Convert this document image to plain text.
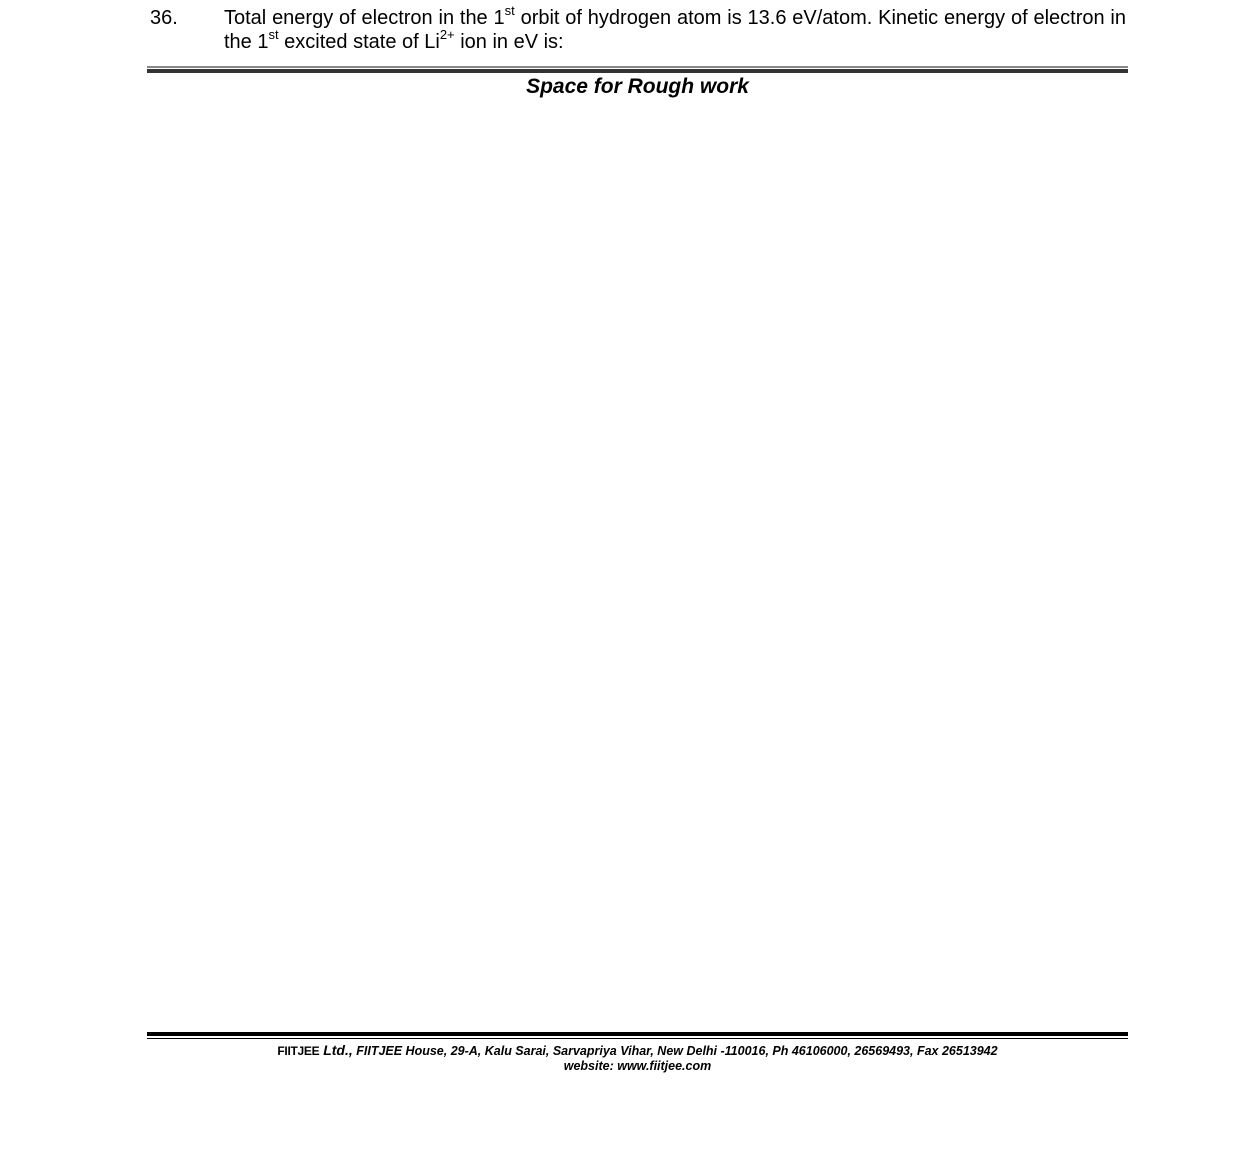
36. Total energy of electron in the 1st orbit of hydrogen atom is 13.6 eV/atom. Kinetic energy of electron in the 1st excited state of $Li^{2+}$ ion in eV is:
Space for Rough work
FIITJEE Ltd., FIITJEE House, 29-A, Kalu Sarai, Sarvapriya Vihar, New Delhi -110016, Ph 46106000, 26569493, Fax 26513942
website: www.fiitjee.com
